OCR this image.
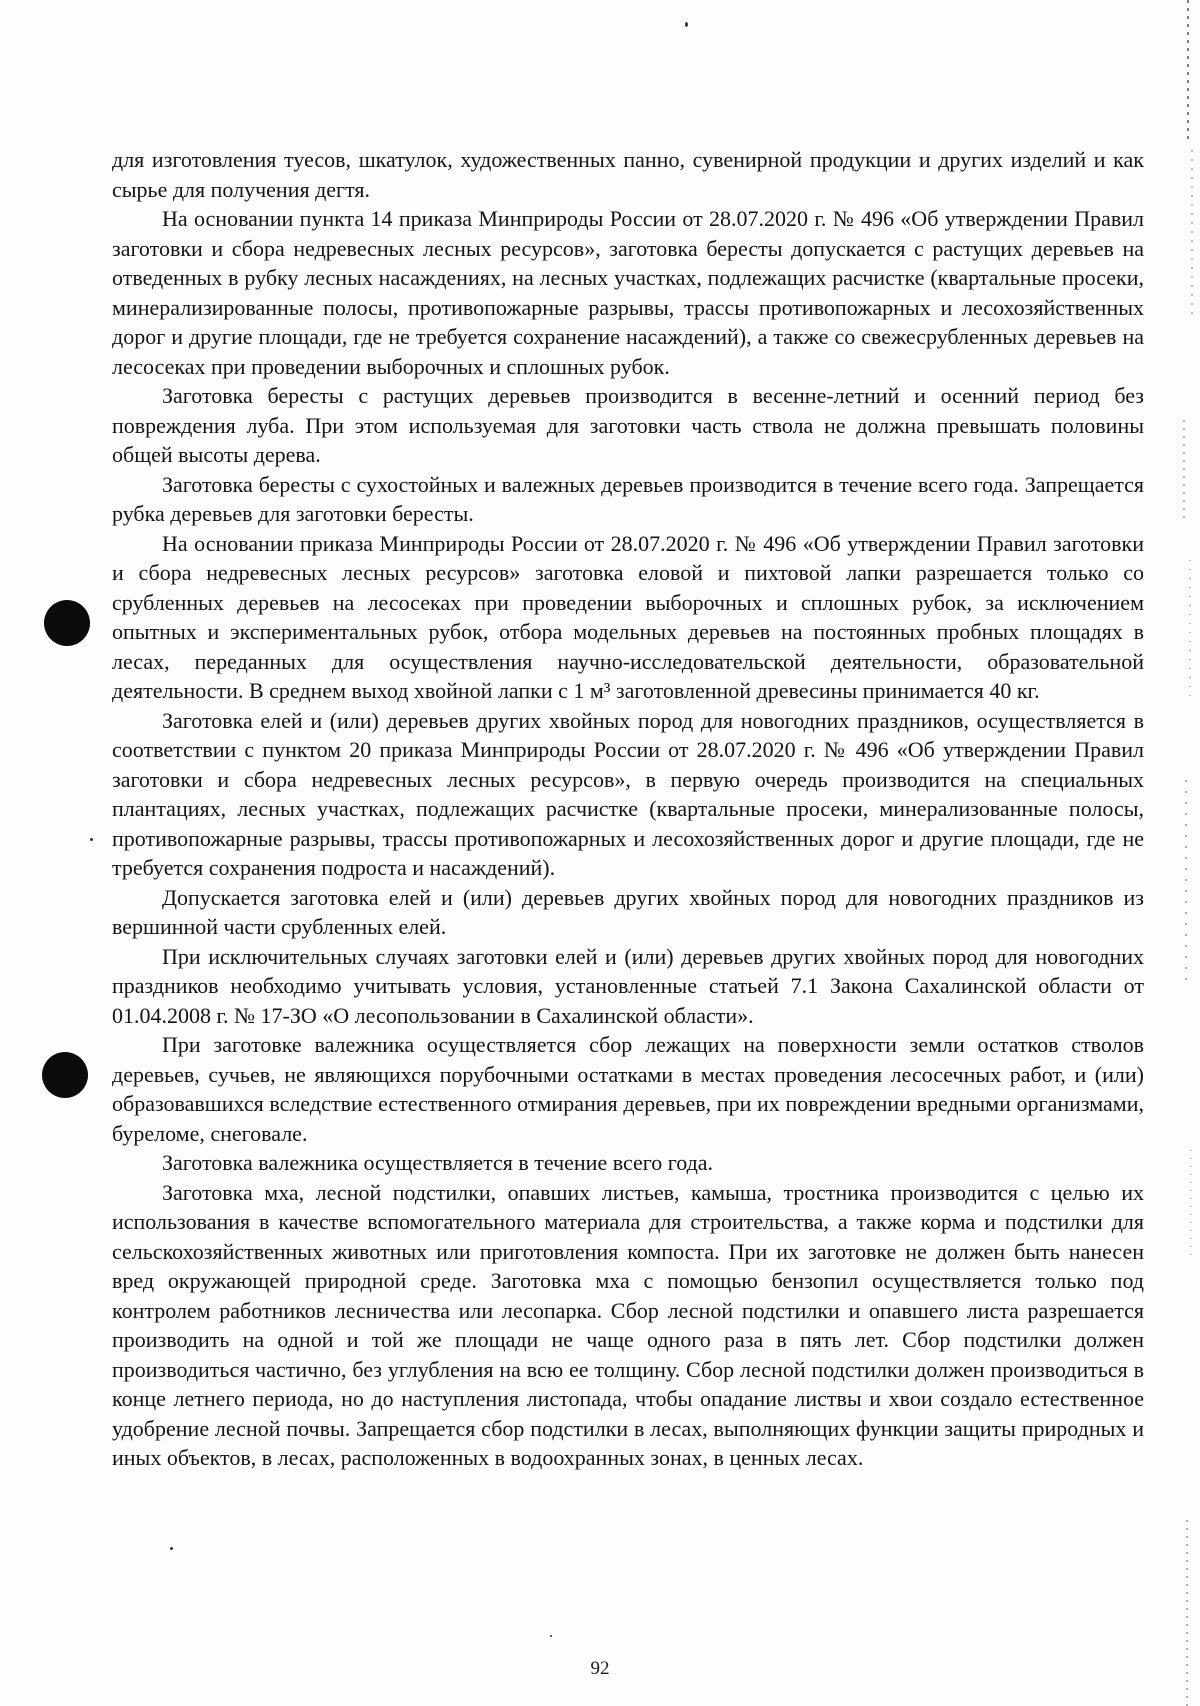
для изготовления туесов, шкатулок, художественных панно, сувенирной продукции и других изделий и как сырье для получения дегтя.

На основании пункта 14 приказа Минприроды России от 28.07.2020 г. № 496 «Об утверждении Правил заготовки и сбора недревесных лесных ресурсов», заготовка бересты допускается с растущих деревьев на отведенных в рубку лесных насаждениях, на лесных участках, подлежащих расчистке (квартальные просеки, минерализированные полосы, противопожарные разрывы, трассы противопожарных и лесохозяйственных дорог и другие площади, где не требуется сохранение насаждений), а также со свежесрубленных деревьев на лесосеках при проведении выборочных и сплошных рубок.

Заготовка бересты с растущих деревьев производится в весенне-летний и осенний период без повреждения луба. При этом используемая для заготовки часть ствола не должна превышать половины общей высоты дерева.

Заготовка бересты с сухостойных и валежных деревьев производится в течение всего года. Запрещается рубка деревьев для заготовки бересты.

На основании приказа Минприроды России от 28.07.2020 г. № 496 «Об утверждении Правил заготовки и сбора недревесных лесных ресурсов» заготовка еловой и пихтовой лапки разрешается только со срубленных деревьев на лесосеках при проведении выборочных и сплошных рубок, за исключением опытных и экспериментальных рубок, отбора модельных деревьев на постоянных пробных площадях в лесах, переданных для осуществления научно-исследовательской деятельности, образовательной деятельности. В среднем выход хвойной лапки с 1 м³ заготовленной древесины принимается 40 кг.

Заготовка елей и (или) деревьев других хвойных пород для новогодних праздников, осуществляется в соответствии с пунктом 20 приказа Минприроды России от 28.07.2020 г. № 496 «Об утверждении Правил заготовки и сбора недревесных лесных ресурсов», в первую очередь производится на специальных плантациях, лесных участках, подлежащих расчистке (квартальные просеки, минерализованные полосы, противопожарные разрывы, трассы противопожарных и лесохозяйственных дорог и другие площади, где не требуется сохранения подроста и насаждений).

Допускается заготовка елей и (или) деревьев других хвойных пород для новогодних праздников из вершинной части срубленных елей.

При исключительных случаях заготовки елей и (или) деревьев других хвойных пород для новогодних праздников необходимо учитывать условия, установленные статьей 7.1 Закона Сахалинской области от 01.04.2008 г. № 17-ЗО «О лесопользовании в Сахалинской области».

При заготовке валежника осуществляется сбор лежащих на поверхности земли остатков стволов деревьев, сучьев, не являющихся порубочными остатками в местах проведения лесосечных работ, и (или) образовавшихся вследствие естественного отмирания деревьев, при их повреждении вредными организмами, буреломе, снеговале.

Заготовка валежника осуществляется в течение всего года.

Заготовка мха, лесной подстилки, опавших листьев, камыша, тростника производится с целью их использования в качестве вспомогательного материала для строительства, а также корма и подстилки для сельскохозяйственных животных или приготовления компоста. При их заготовке не должен быть нанесен вред окружающей природной среде. Заготовка мха с помощью бензопил осуществляется только под контролем работников лесничества или лесопарка. Сбор лесной подстилки и опавшего листа разрешается производить на одной и той же площади не чаще одного раза в пять лет. Сбор подстилки должен производиться частично, без углубления на всю ее толщину. Сбор лесной подстилки должен производиться в конце летнего периода, но до наступления листопада, чтобы опадание листвы и хвои создало естественное удобрение лесной почвы. Запрещается сбор подстилки в лесах, выполняющих функции защиты природных и иных объектов, в лесах, расположенных в водоохранных зонах, в ценных лесах.

92
